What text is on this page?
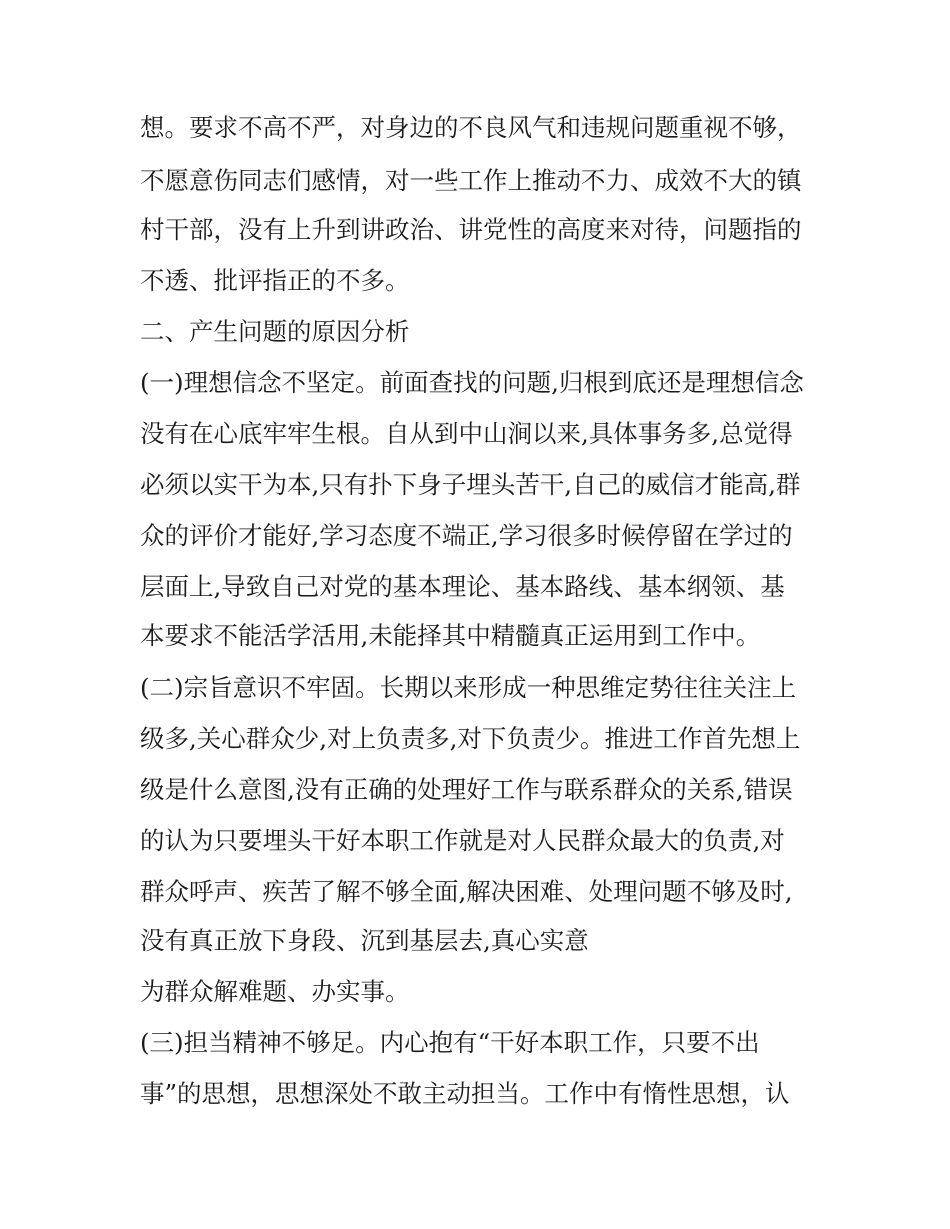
想。要求不高不严，对身边的不良风气和违规问题重视不够，

不愿意伤同志们感情，对一些工作上推动不力、成效不大的镇

村干部，没有上升到讲政治、讲党性的高度来对待，问题指的

不透、批评指正的不多。

二、产生问题的原因分析

(一)理想信念不坚定。前面查找的问题,归根到底还是理想信念

没有在心底牢牢生根。自从到中山涧以来,具体事务多,总觉得

必须以实干为本,只有扑下身子埋头苦干,自己的威信才能高,群

众的评价才能好,学习态度不端正,学习很多时候停留在学过的

层面上,导致自己对党的基本理论、基本路线、基本纲领、基

本要求不能活学活用,未能择其中精髓真正运用到工作中。

(二)宗旨意识不牢固。长期以来形成一种思维定势往往关注上

级多,关心群众少,对上负责多,对下负责少。推进工作首先想上

级是什么意图,没有正确的处理好工作与联系群众的关系,错误

的认为只要埋头干好本职工作就是对人民群众最大的负责,对

群众呼声、疾苦了解不够全面,解决困难、处理问题不够及时,

没有真正放下身段、沉到基层去,真心实意

为群众解难题、办实事。

(三)担当精神不够足。内心抱有“干好本职工作，只要不出

事”的思想，思想深处不敢主动担当。工作中有惰性思想，认
